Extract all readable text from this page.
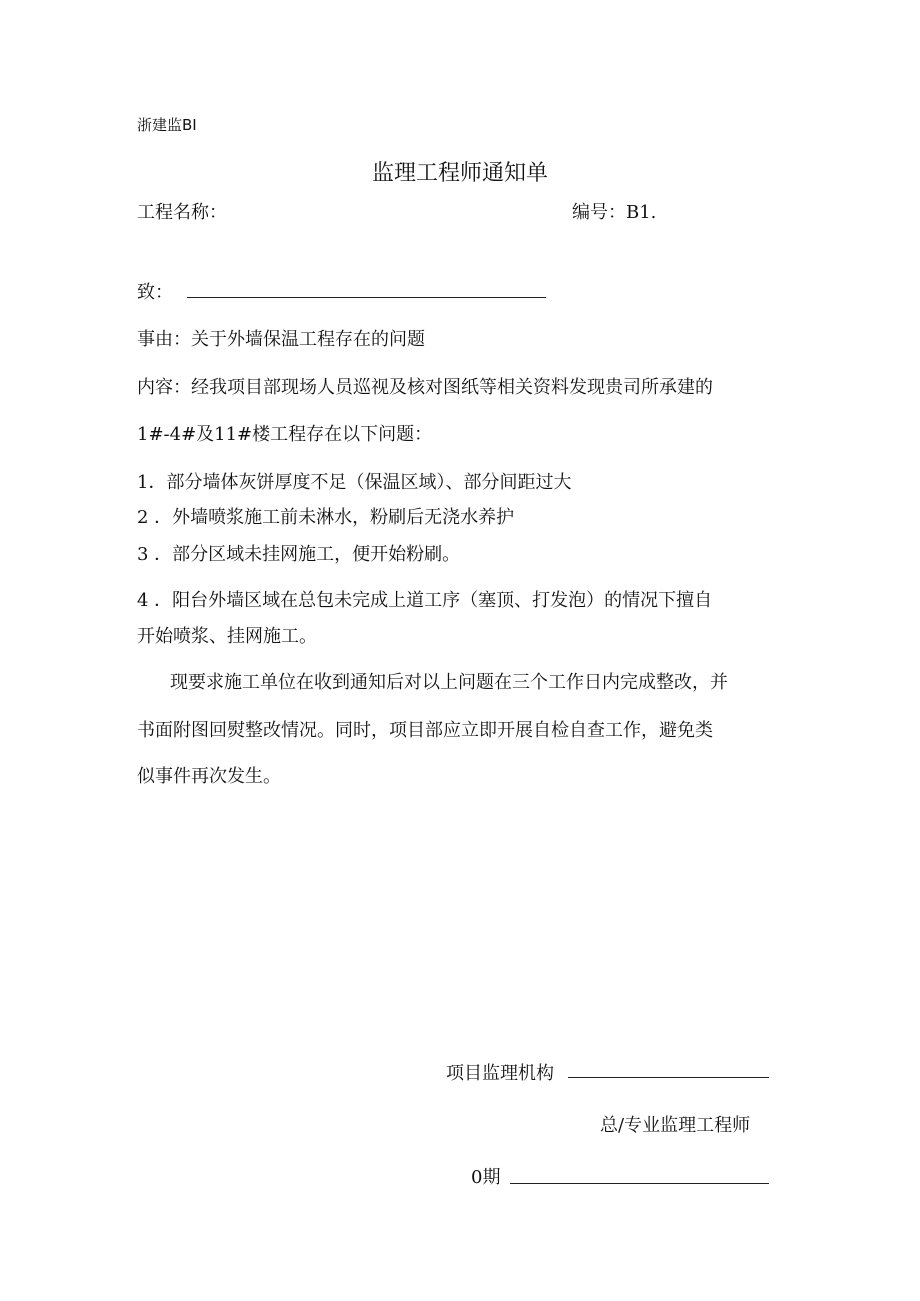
浙建监BI
监理工程师通知单
工程名称：	编号：B1.
致：
事由：关于外墙保温工程存在的问题
内容：经我项目部现场人员巡视及核对图纸等相关资料发现贵司所承建的
1#-4#及11#楼工程存在以下问题：
1．部分墙体灰饼厚度不足（保温区域）、部分间距过大
2 ．外墙喷浆施工前未淋水，粉刷后无浇水养护
3 ．部分区域未挂网施工，便开始粉刷。
4 ．阳台外墙区域在总包未完成上道工序（塞顶、打发泡）的情况下擅自
开始喷浆、挂网施工。
现要求施工单位在收到通知后对以上问题在三个工作日内完成整改，并
书面附图回熨整改情况。同时，项目部应立即开展自检自查工作，避免类
似事件再次发生。
项目监理机构
总/专业监理工程师
0期
